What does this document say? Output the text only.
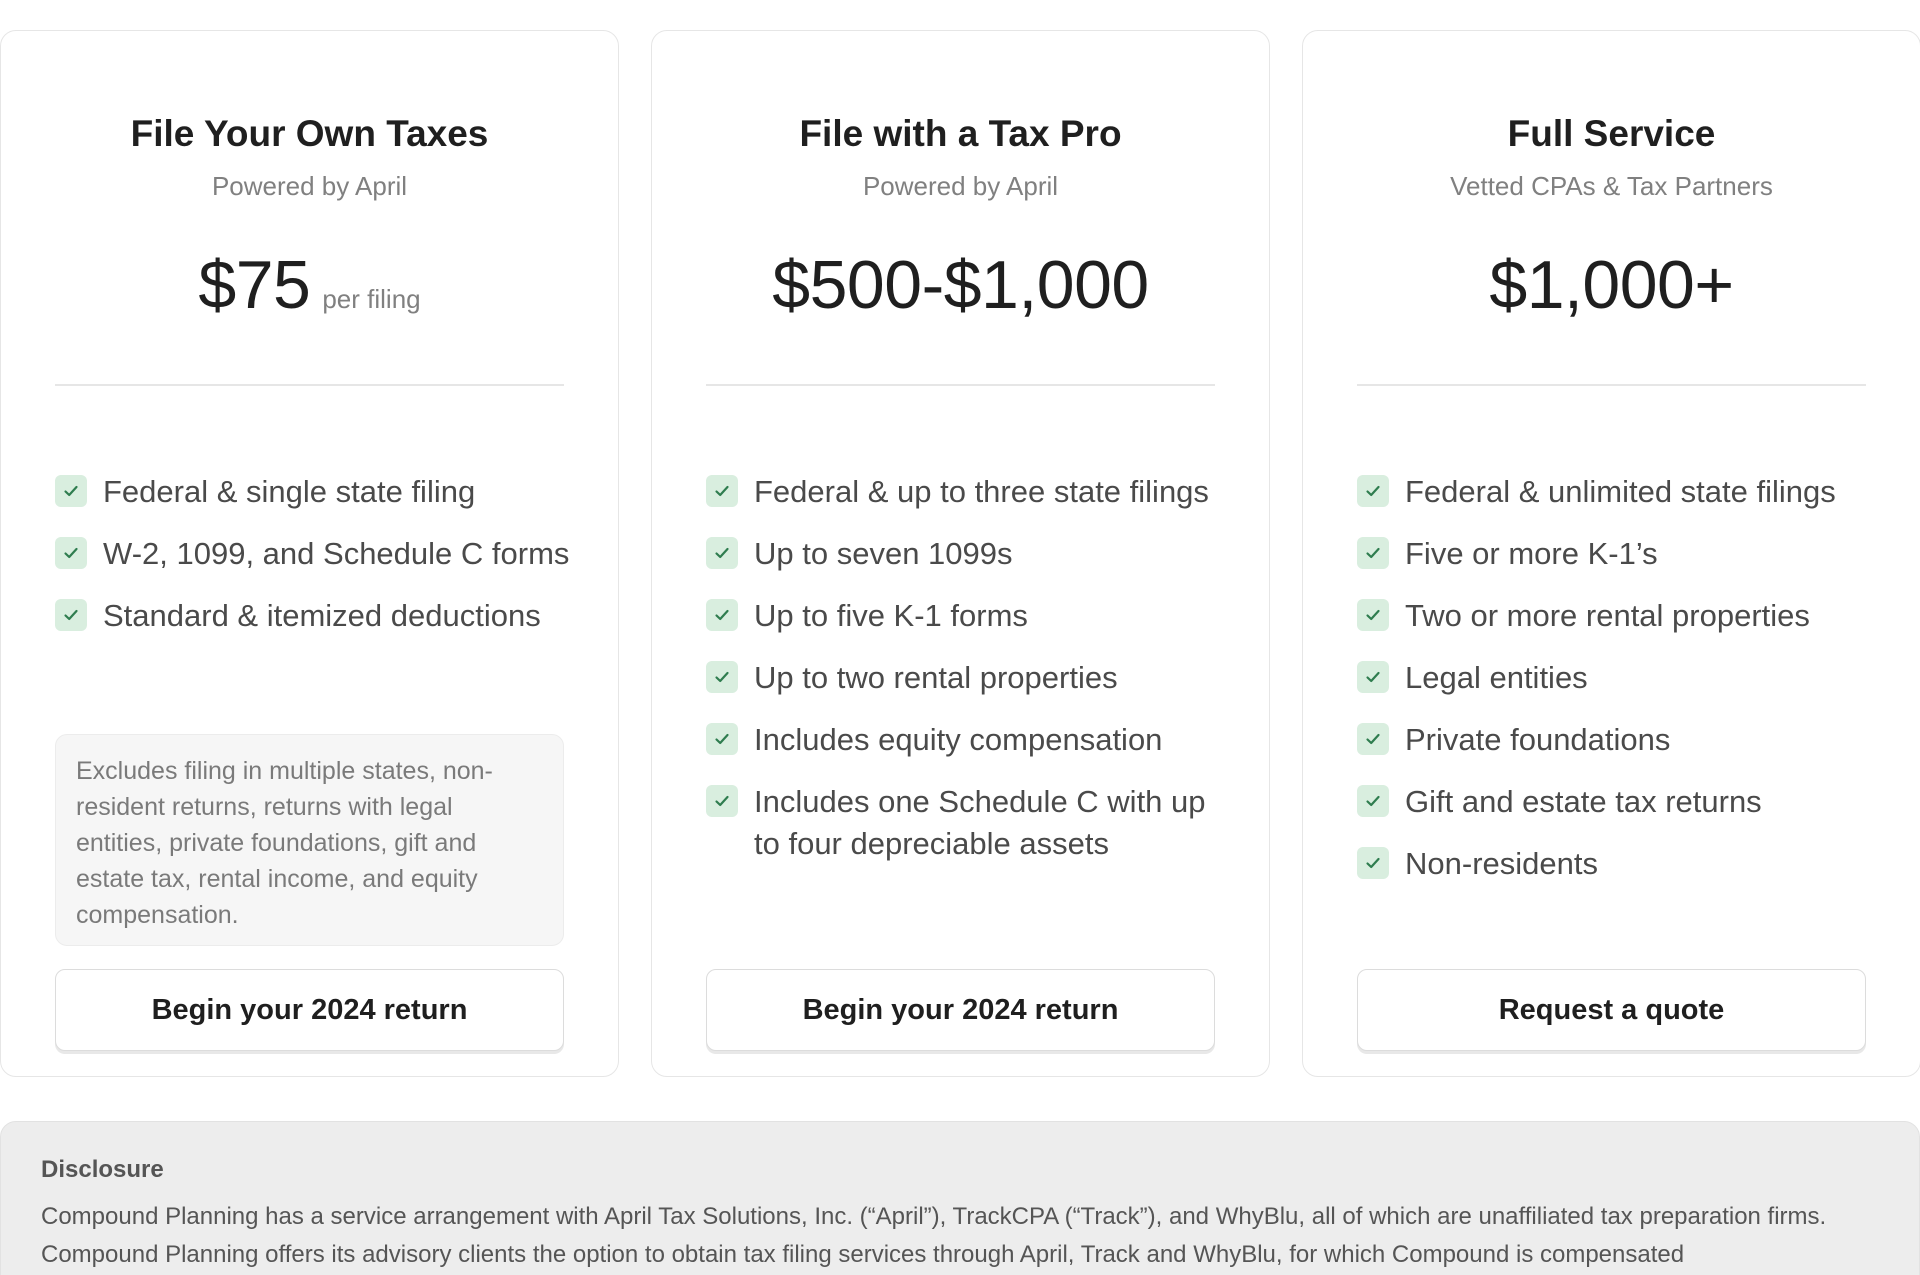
File Your Own Taxes
Powered by April
$75 per filing
Federal & single state filing
W-2, 1099, and Schedule C forms
Standard & itemized deductions
Excludes filing in multiple states, non-resident returns, returns with legal entities, private foundations, gift and estate tax, rental income, and equity compensation.
Begin your 2024 return
File with a Tax Pro
Powered by April
$500-$1,000
Federal & up to three state filings
Up to seven 1099s
Up to five K-1 forms
Up to two rental properties
Includes equity compensation
Includes one Schedule C with up to four depreciable assets
Begin your 2024 return
Full Service
Vetted CPAs & Tax Partners
$1,000+
Federal & unlimited state filings
Five or more K-1’s
Two or more rental properties
Legal entities
Private foundations
Gift and estate tax returns
Non-residents
Request a quote
Disclosure
Compound Planning has a service arrangement with April Tax Solutions, Inc. (“April”), TrackCPA (“Track”), and WhyBlu, all of which are unaffiliated tax preparation firms. Compound Planning offers its advisory clients the option to obtain tax filing services through April, Track and WhyBlu, for which Compound is compensated
